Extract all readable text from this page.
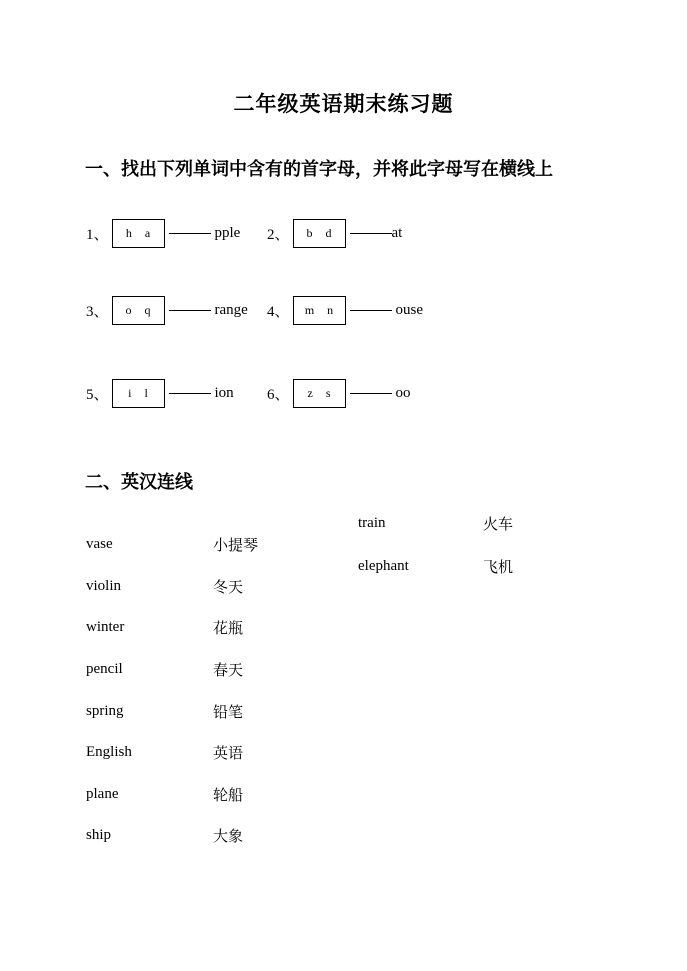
二年级英语期末练习题
一、找出下列单词中含有的首字母，并将此字母写在横线上
1、	h a	pple 2、	b d	at
3、	o q	range 4、	m n	ouse
5、	i l	ion 6、	z s	oo
二、英汉连线
vase	小提琴
violin	冬天
winter	花瓶
pencil	春天
spring	铅笔
English	英语
plane	轮船
ship	大象
train	火车
elephant	飞机
